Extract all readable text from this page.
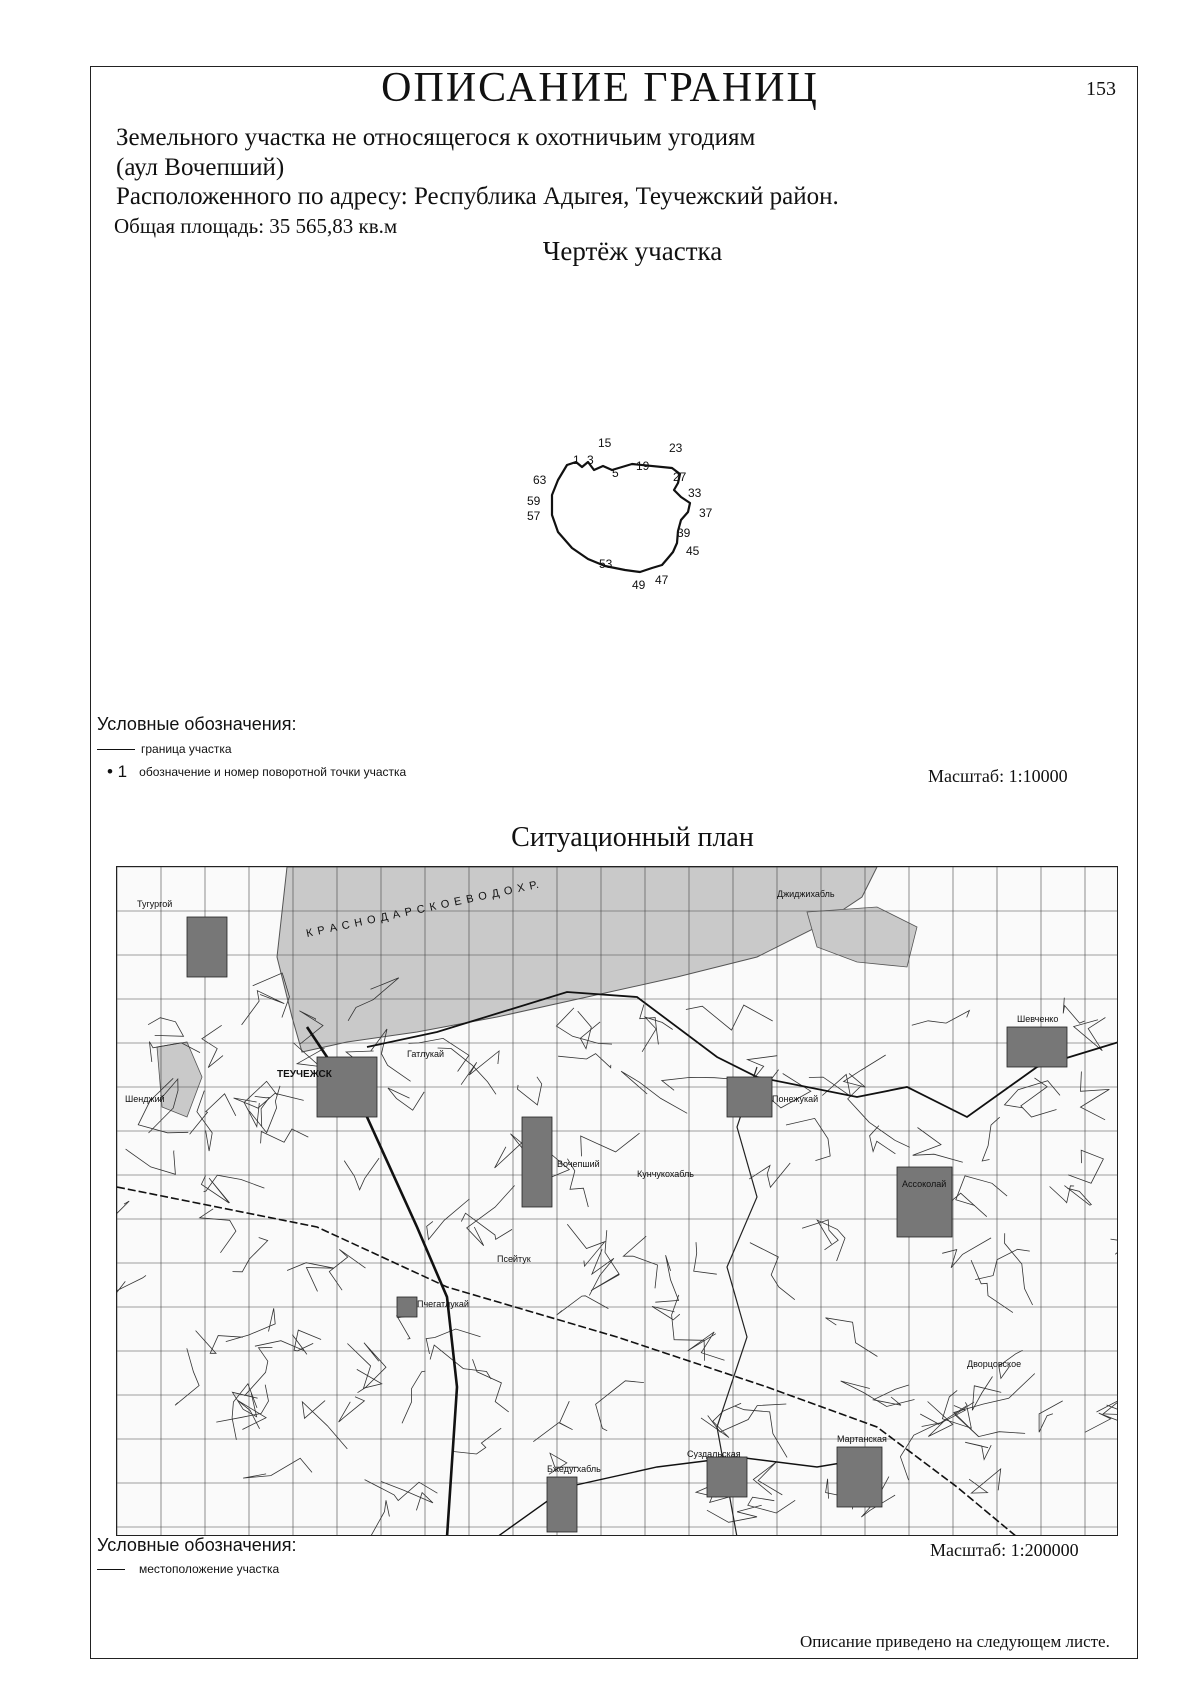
ОПИСАНИЕ ГРАНИЦ	153
Земельного участка не относящегося к охотничьим угодиям
(аул Вочепший)
Расположенного по адресу: Республика Адыгея, Теучежский район.
Общая площадь: 35 565,83 кв.м
Чертёж участка
15	23
1 3
5 19
27
63
33
59
57	37
39
45
53
47
49
Условные обозначения:
граница участка
• 1 обозначение и номер поворотной точки участка	Масштаб: 1:10000
Ситуационный план
ТЕУЧЕЖСК
Вочепший
Понежукай
Ассоколай
Шенджий
Гатлукай
Кунчукохабль
Суздальская
Мартанская
Бжедугхабль
Пчегатлукай
Тугургой
Дворцовское
Джиджихабль
Псейтук
Шевченко
К Р А С Н О Д А Р С К О Е В О Д О Х Р.
Условные обозначения:
местоположение участка
Масштаб: 1:200000
Описание приведено на следующем листе.
